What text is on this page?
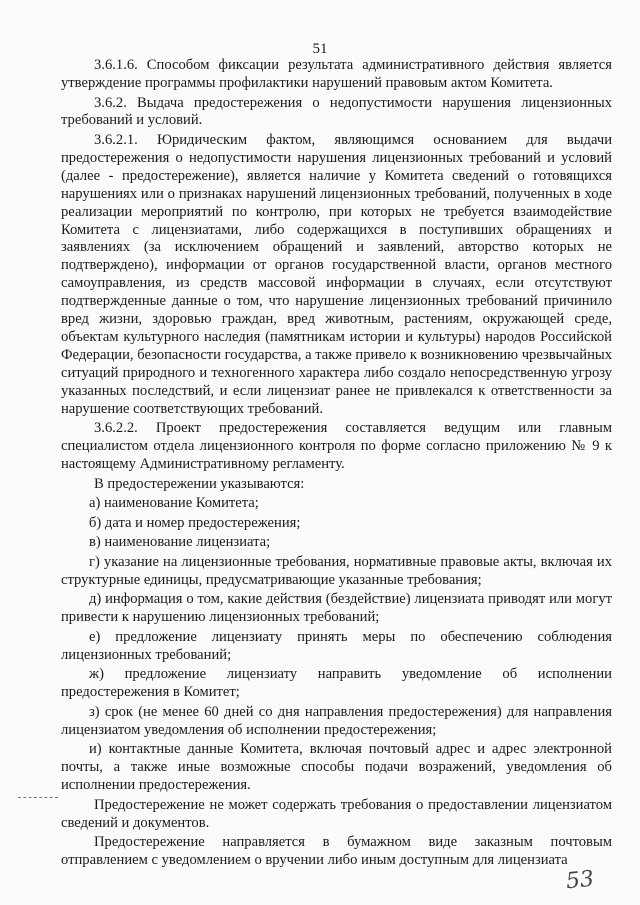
51

3.6.1.6. Способом фиксации результата административного действия является утверждение программы профилактики нарушений правовым актом Комитета.

3.6.2. Выдача предостережения о недопустимости нарушения лицензионных требований и условий.

3.6.2.1. Юридическим фактом, являющимся основанием для выдачи предостережения о недопустимости нарушения лицензионных требований и условий (далее - предостережение), является наличие у Комитета сведений о готовящихся нарушениях или о признаках нарушений лицензионных требований, полученных в ходе реализации мероприятий по контролю, при которых не требуется взаимодействие Комитета с лицензиатами, либо содержащихся в поступивших обращениях и заявлениях (за исключением обращений и заявлений, авторство которых не подтверждено), информации от органов государственной власти, органов местного самоуправления, из средств массовой информации в случаях, если отсутствуют подтвержденные данные о том, что нарушение лицензионных требований причинило вред жизни, здоровью граждан, вред животным, растениям, окружающей среде, объектам культурного наследия (памятникам истории и культуры) народов Российской Федерации, безопасности государства, а также привело к возникновению чрезвычайных ситуаций природного и техногенного характера либо создало непосредственную угрозу указанных последствий, и если лицензиат ранее не привлекался к ответственности за нарушение соответствующих требований.

3.6.2.2. Проект предостережения составляется ведущим или главным специалистом отдела лицензионного контроля по форме согласно приложению № 9 к настоящему Административному регламенту.

В предостережении указываются:

а) наименование Комитета;

б) дата и номер предостережения;

в) наименование лицензиата;

г) указание на лицензионные требования, нормативные правовые акты, включая их структурные единицы, предусматривающие указанные требования;

д) информация о том, какие действия (бездействие) лицензиата приводят или могут привести к нарушению лицензионных требований;

е) предложение лицензиату принять меры по обеспечению соблюдения лицензионных требований;

ж) предложение лицензиату направить уведомление об исполнении предостережения в Комитет;

з) срок (не менее 60 дней со дня направления предостережения) для направления лицензиатом уведомления об исполнении предостережения;

и) контактные данные Комитета, включая почтовый адрес и адрес электронной почты, а также иные возможные способы подачи возражений, уведомления об исполнении предостережения.

Предостережение не может содержать требования о предоставлении лицензиатом сведений и документов.

Предостережение направляется в бумажном виде заказным почтовым отправлением с уведомлением о вручении либо иным доступным для лицензиата

53
